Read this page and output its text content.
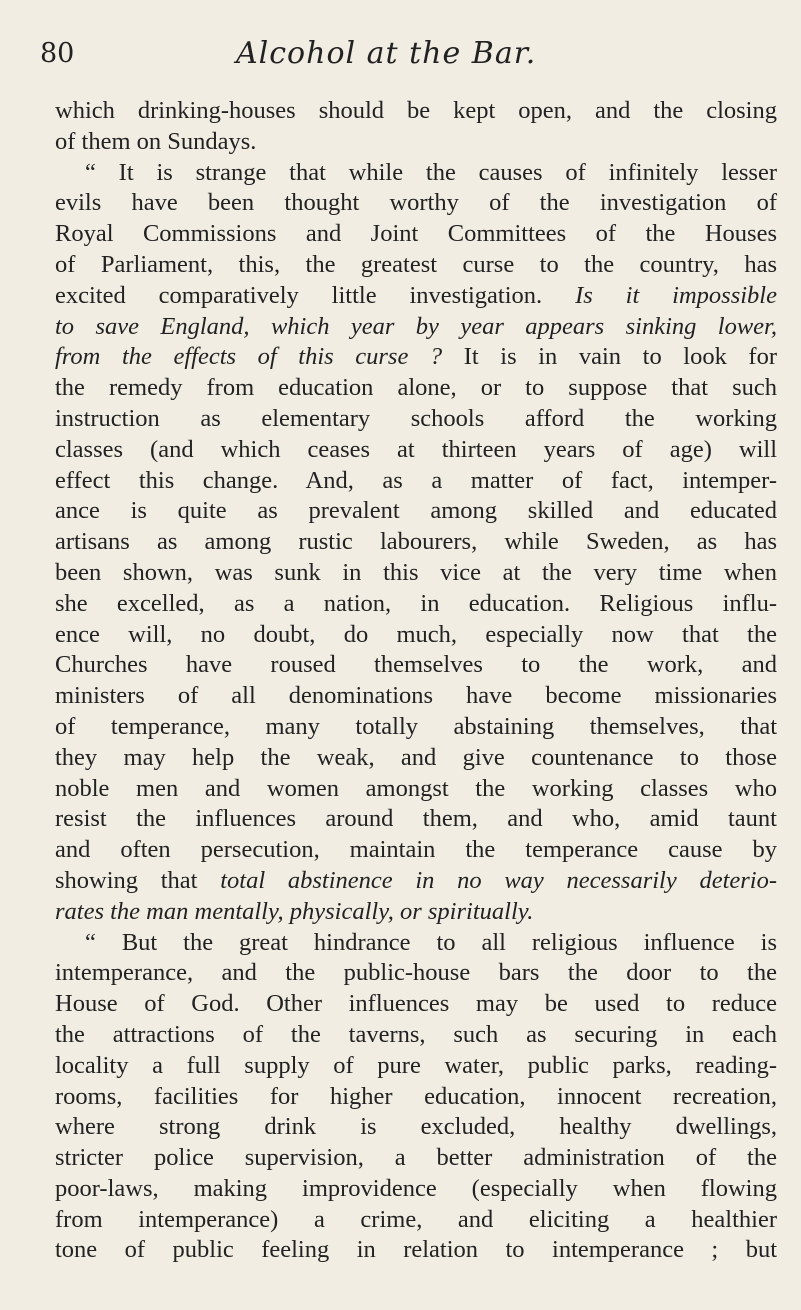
80	Alcohol at the Bar.
which drinking-houses should be kept open, and the closing
of them on Sundays.
“ It is strange that while the causes of infinitely lesser
evils have been thought worthy of the investigation of
Royal Commissions and Joint Committees of the Houses
of Parliament, this, the greatest curse to the country, has
excited comparatively little investigation. Is it impossible
to save England, which year by year appears sinking lower,
from the effects of this curse ? It is in vain to look for
the remedy from education alone, or to suppose that such
instruction as elementary schools afford the working
classes (and which ceases at thirteen years of age) will
effect this change. And, as a matter of fact, intemper-
ance is quite as prevalent among skilled and educated
artisans as among rustic labourers, while Sweden, as has
been shown, was sunk in this vice at the very time when
she excelled, as a nation, in education. Religious influ-
ence will, no doubt, do much, especially now that the
Churches have roused themselves to the work, and
ministers of all denominations have become missionaries
of temperance, many totally abstaining themselves, that
they may help the weak, and give countenance to those
noble men and women amongst the working classes who
resist the influences around them, and who, amid taunt
and often persecution, maintain the temperance cause by
showing that total abstinence in no way necessarily deterio-
rates the man mentally, physically, or spiritually.
“ But the great hindrance to all religious influence is
intemperance, and the public-house bars the door to the
House of God. Other influences may be used to reduce
the attractions of the taverns, such as securing in each
locality a full supply of pure water, public parks, reading-
rooms, facilities for higher education, innocent recreation,
where strong drink is excluded, healthy dwellings,
stricter police supervision, a better administration of the
poor-laws, making improvidence (especially when flowing
from intemperance) a crime, and eliciting a healthier
tone of public feeling in relation to intemperance ; but
